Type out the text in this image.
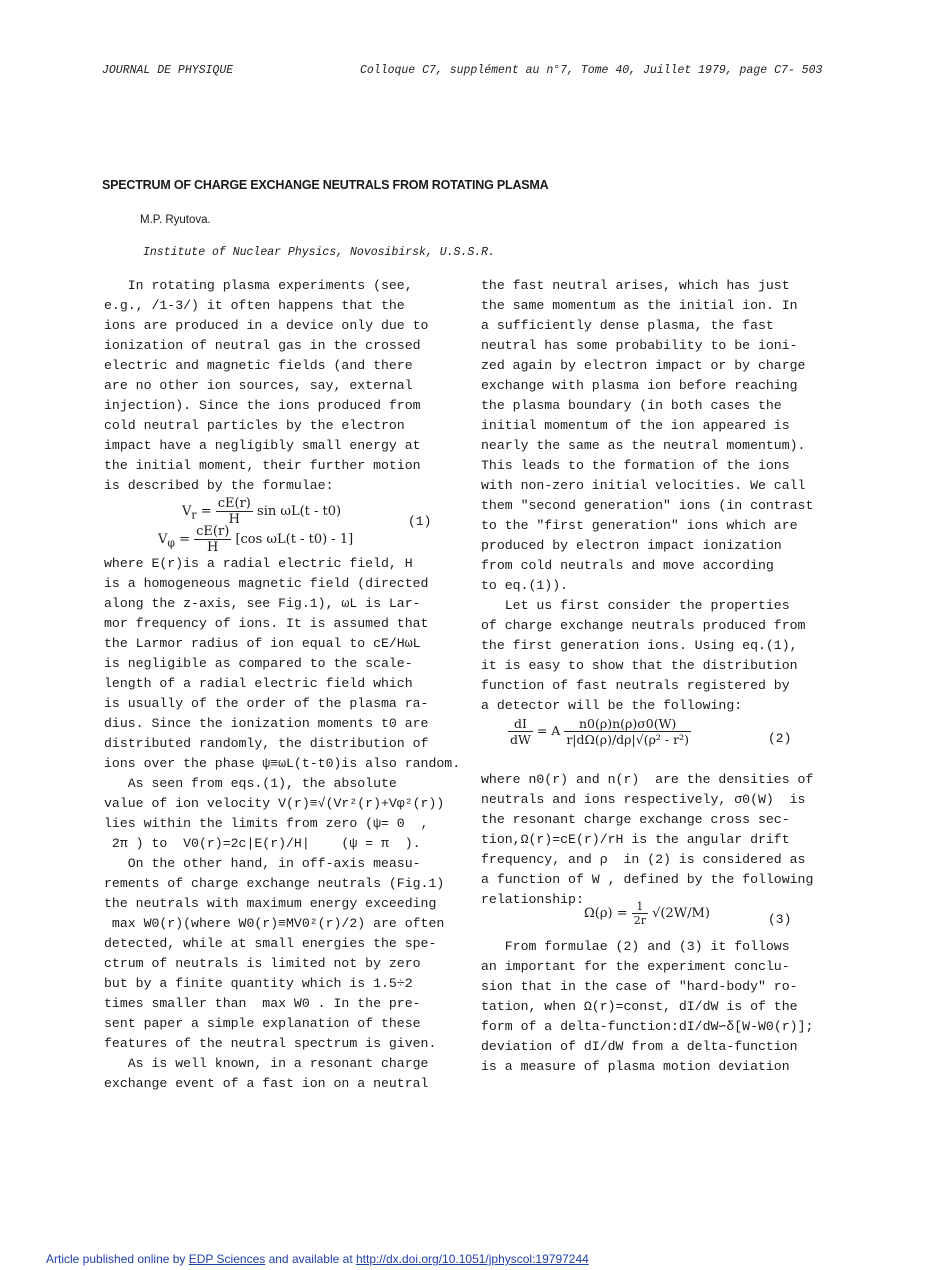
JOURNAL DE PHYSIQUE	Colloque C7, supplément au n°7, Tome 40, Juillet 1979, page C7- 503
SPECTRUM OF CHARGE EXCHANGE NEUTRALS FROM ROTATING PLASMA
M.P. Ryutova.
Institute of Nuclear Physics, Novosibirsk, U.S.S.R.
In rotating plasma experiments (see,
e.g., /1-3/) it often happens that the
ions are produced in a device only due to
ionization of neutral gas in the crossed
electric and magnetic fields (and there
are no other ion sources, say, external
injection). Since the ions produced from
cold neutral particles by the electron
impact have a negligibly small energy at
the initial moment, their further motion
is described by the formulae:
$V_r = \frac{cE(r)}{H}$ sin ωL(t - t0)
(1)
$V_\varphi = \frac{cE(r)}{H} [\cos$ ωL(t - t0) - 1]
where E(r)is a radial electric field, H
is a homogeneous magnetic field (directed
along the z-axis, see Fig.1), ωL is Lar-
mor frequency of ions. It is assumed that
the Larmor radius of ion equal to cE/HωL
is negligible as compared to the scale-
length of a radial electric field which
is usually of the order of the plasma ra-
dius. Since the ionization moments t0 are
distributed randomly, the distribution of
ions over the phase ψ≡ωL(t-t0)is also random.
As seen from eqs.(1), the absolute
value of ion velocity V(r)≡√(Vr²(r)+Vφ²(r))
lies within the limits from zero (ψ= 0  ,
2π ) to  V0(r)=2c|E(r)/H|    (ψ = π  ).
On the other hand, in off-axis measu-
rements of charge exchange neutrals (Fig.1)
the neutrals with maximum energy exceeding
max W0(r)(where W0(r)≡MV0²(r)/2) are often
detected, while at small energies the spe-
ctrum of neutrals is limited not by zero
but by a finite quantity which is 1.5÷2
times smaller than  max W0 . In the pre-
sent paper a simple explanation of these
features of the neutral spectrum is given.
As is well known, in a resonant charge
exchange event of a fast ion on a neutral
the fast neutral arises, which has just
the same momentum as the initial ion. In
a sufficiently dense plasma, the fast
neutral has some probability to be ioni-
zed again by electron impact or by charge
exchange with plasma ion before reaching
the plasma boundary (in both cases the
initial momentum of the ion appeared is
nearly the same as the neutral momentum).
This leads to the formation of the ions
with non-zero initial velocities. We call
them "second generation" ions (in contrast
to the "first generation" ions which are
produced by electron impact ionization
from cold neutrals and move according
to eq.(1)).
Let us first consider the properties
of charge exchange neutrals produced from
the first generation ions. Using eq.(1),
it is easy to show that the distribution
function of fast neutrals registered by
a detector will be the following:
$\frac{dI}{dW} = A \frac{n0(\rho)n(\rho)\sigma 0(W)}{\text{r|dΩ(ρ)/dρ|√(ρ² - r²)}}$	(2)
where n0(r) and n(r)  are the densities of
neutrals and ions respectively, σ0(W)  is
the resonant charge exchange cross sec-
tion,Ω(r)=cE(r)/rH is the angular drift
frequency, and ρ  in (2) is considered as
a function of W , defined by the following
relationship:
$\Omega(\rho) = \frac{1}{2r} √(2W/M)$	(3)
From formulae (2) and (3) it follows
an important for the experiment conclu-
sion that in the case of "hard-body" ro-
tation, when Ω(r)=const, dI/dW is of the
form of a delta-function:dI/dW∽δ[W-W0(r)];
deviation of dI/dW from a delta-function
is a measure of plasma motion deviation
Article published online by EDP Sciences and available at http://dx.doi.org/10.1051/jphyscol:19797244
